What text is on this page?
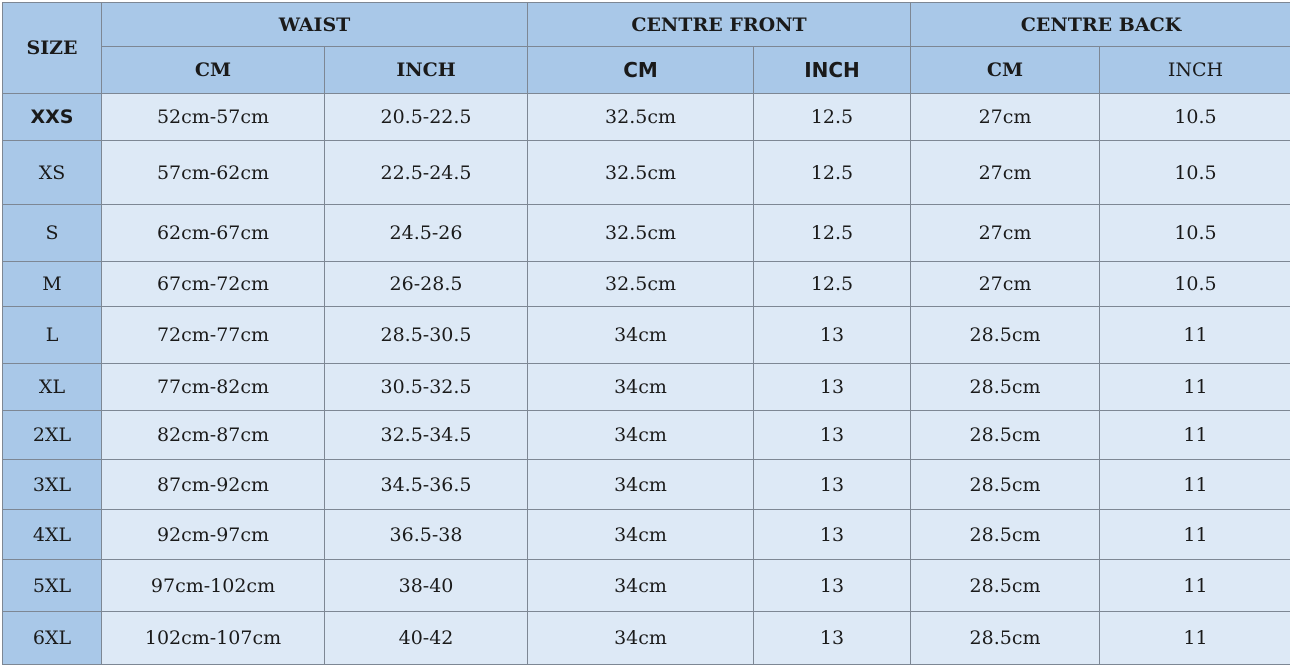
SIZE	WAIST		CENTRE FRONT		CENTRE BACK	
	CM	INCH	CM	INCH	CM	INCH
XXS	52cm-57cm	20.5-22.5	32.5cm	12.5	27cm	10.5
XS	57cm-62cm	22.5-24.5	32.5cm	12.5	27cm	10.5
S	62cm-67cm	24.5-26	32.5cm	12.5	27cm	10.5
M	67cm-72cm	26-28.5	32.5cm	12.5	27cm	10.5
L	72cm-77cm	28.5-30.5	34cm	13	28.5cm	11
XL	77cm-82cm	30.5-32.5	34cm	13	28.5cm	11
2XL	82cm-87cm	32.5-34.5	34cm	13	28.5cm	11
3XL	87cm-92cm	34.5-36.5	34cm	13	28.5cm	11
4XL	92cm-97cm	36.5-38	34cm	13	28.5cm	11
5XL	97cm-102cm	38-40	34cm	13	28.5cm	11
6XL	102cm-107cm	40-42	34cm	13	28.5cm	11
